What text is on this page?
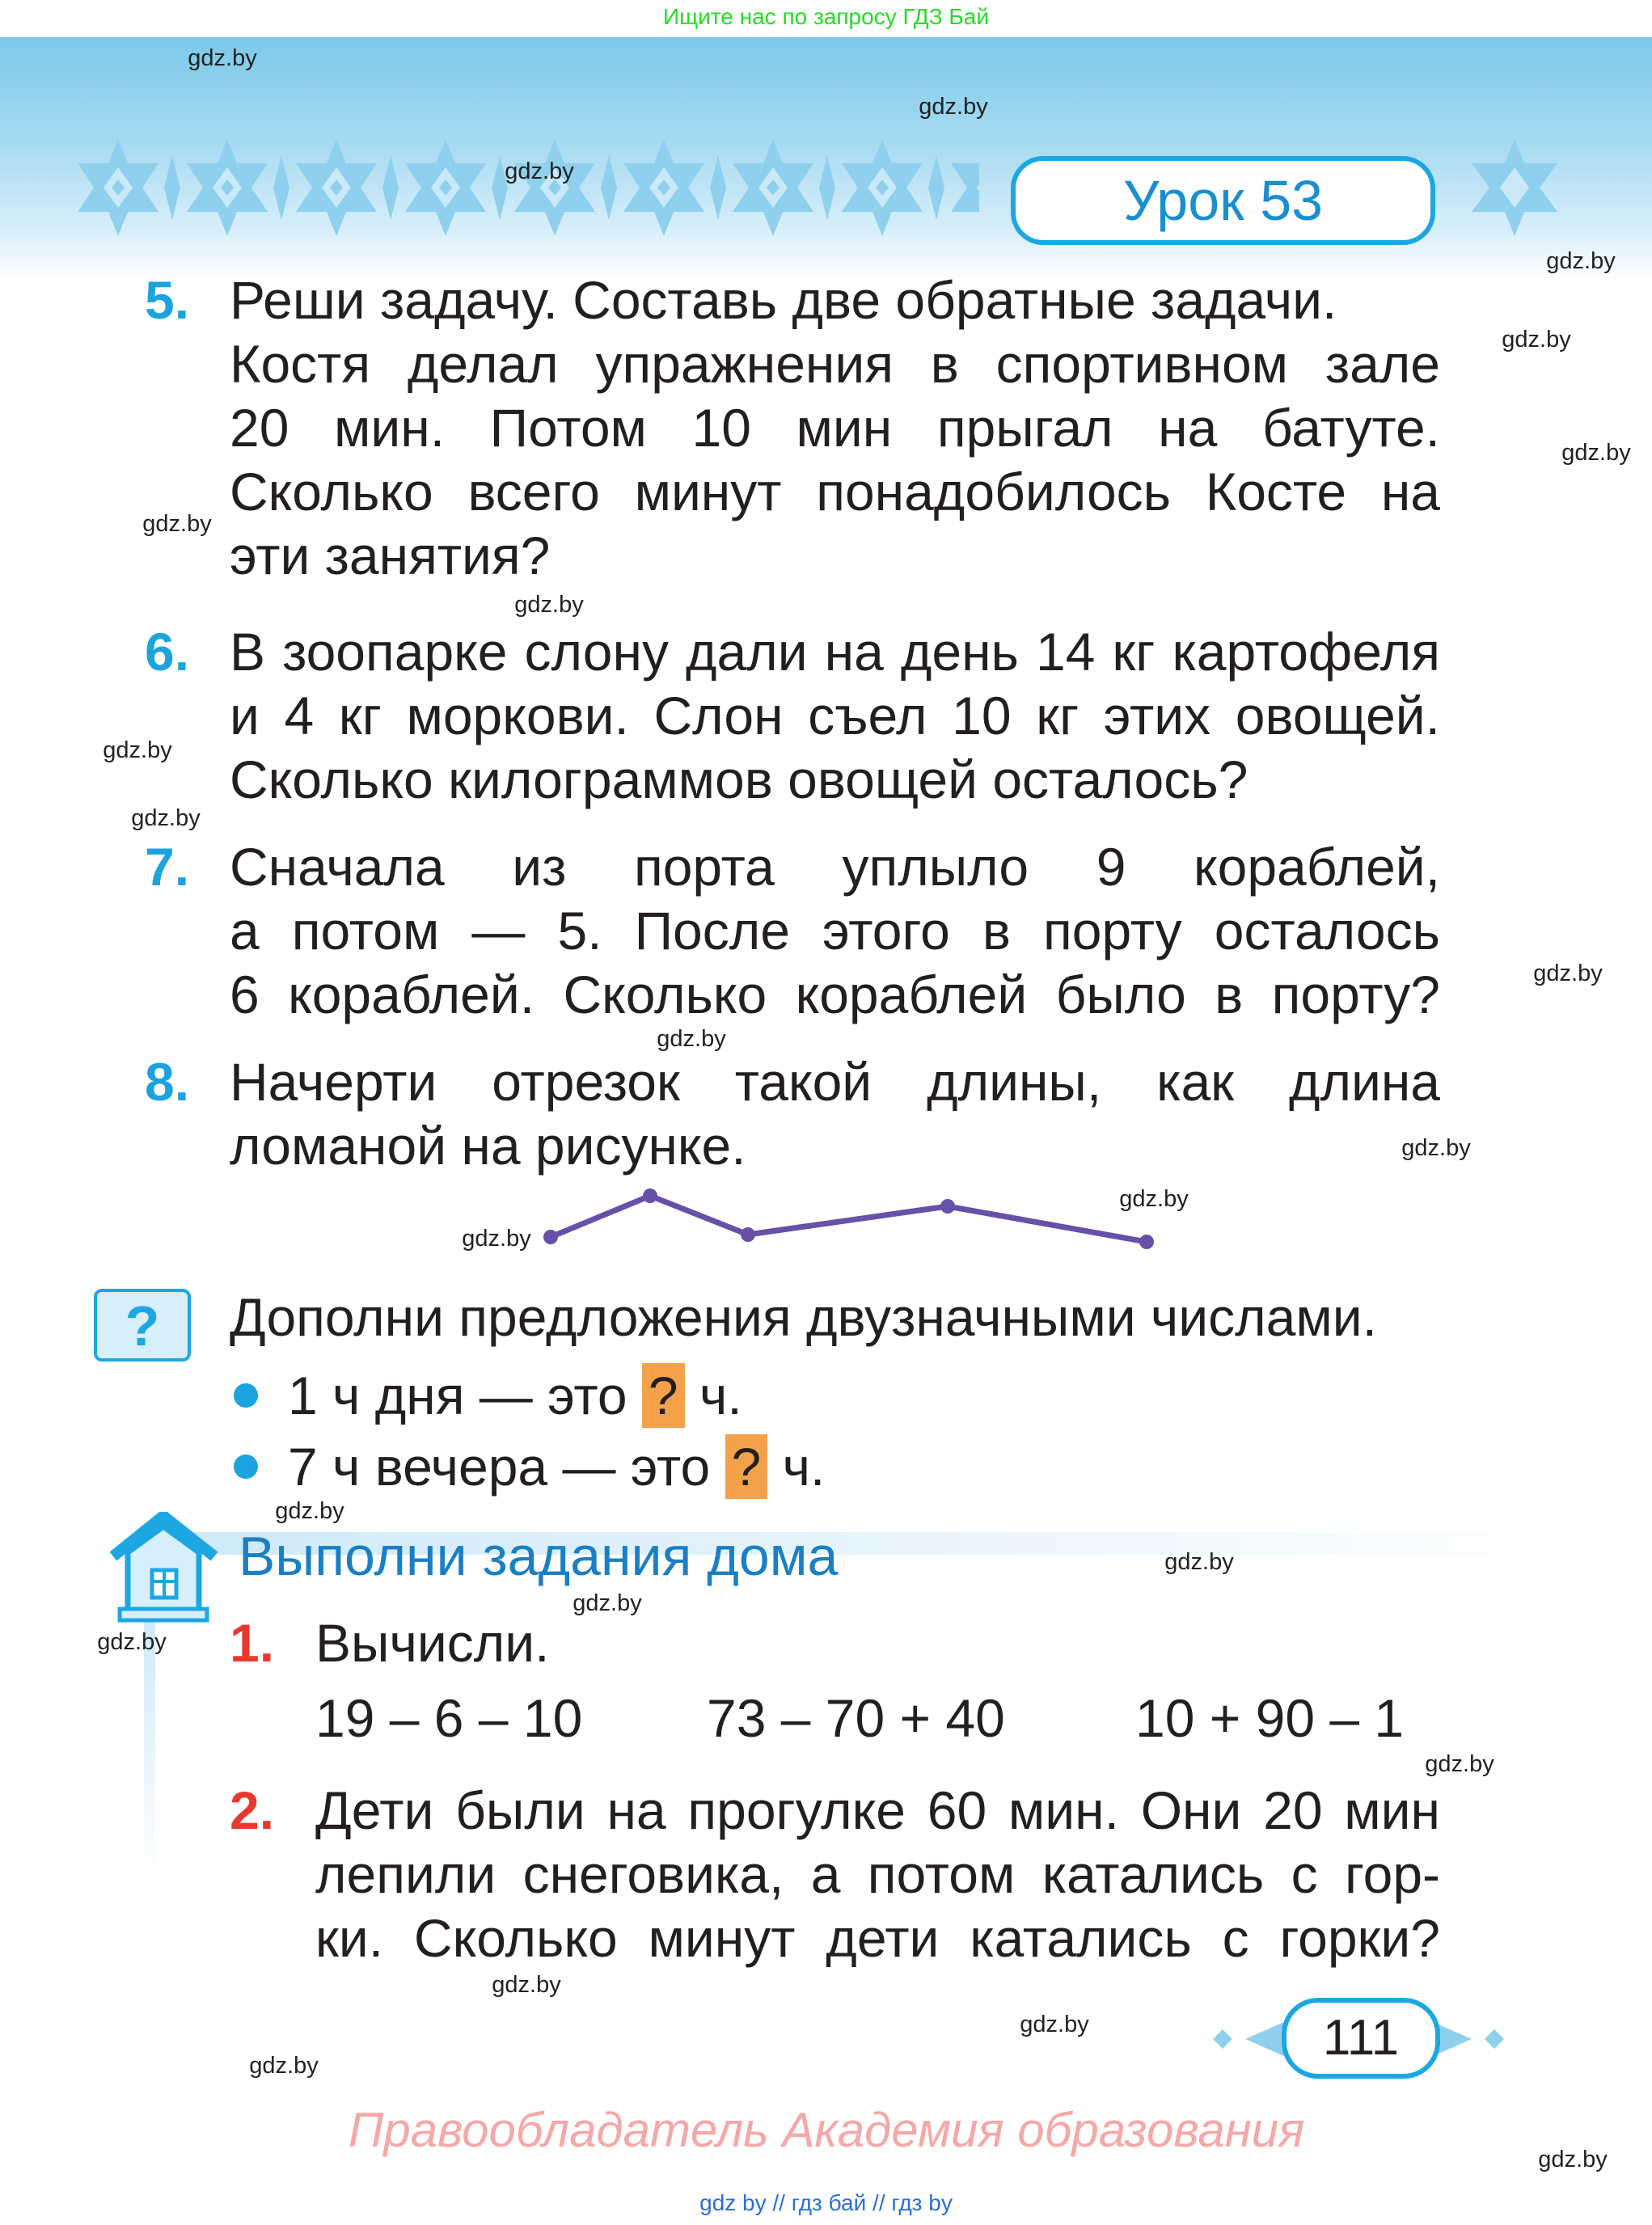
Ищите нас по запросу ГДЗ Бай
Урок 53
5. Реши задачу. Составь две обратные задачи.
Костя делал упражнения в спортивном зале
20 мин. Потом 10 мин прыгал на батуте.
Сколько всего минут понадобилось Косте на
эти занятия?
6. В зоопарке слону дали на день 14 кг картофеля
и 4 кг моркови. Слон съел 10 кг этих овощей.
Сколько килограммов овощей осталось?
7. Сначала из порта уплыло 9 кораблей,
а потом — 5. После этого в порту осталось
6 кораблей. Сколько кораблей было в порту?
8. Начерти отрезок такой длины, как длина
ломаной на рисунке.
?	Дополни предложения двузначными числами.
1 ч дня — это ? ч.
7 ч вечера — это ? ч.
Выполни задания дома
1. Вычисли.
19 – 6 – 10 73 – 70 + 40 10 + 90 – 1
2. Дети были на прогулке 60 мин. Они 20 мин
лепили снеговика, а потом катались с гор-
ки. Сколько минут дети катались с горки?
111
Правообладатель Академия образования
gdz by // гдз бай // гдз by
gdz.by
gdz.by
gdz.by
gdz.by
gdz.by
gdz.by
gdz.by
gdz.by
gdz.by
gdz.by
gdz.by
gdz.by
gdz.by
gdz.by
gdz.by
gdz.by
gdz.by
gdz.by
gdz.by
gdz.by
gdz.by
gdz.by
gdz.by
gdz.by
